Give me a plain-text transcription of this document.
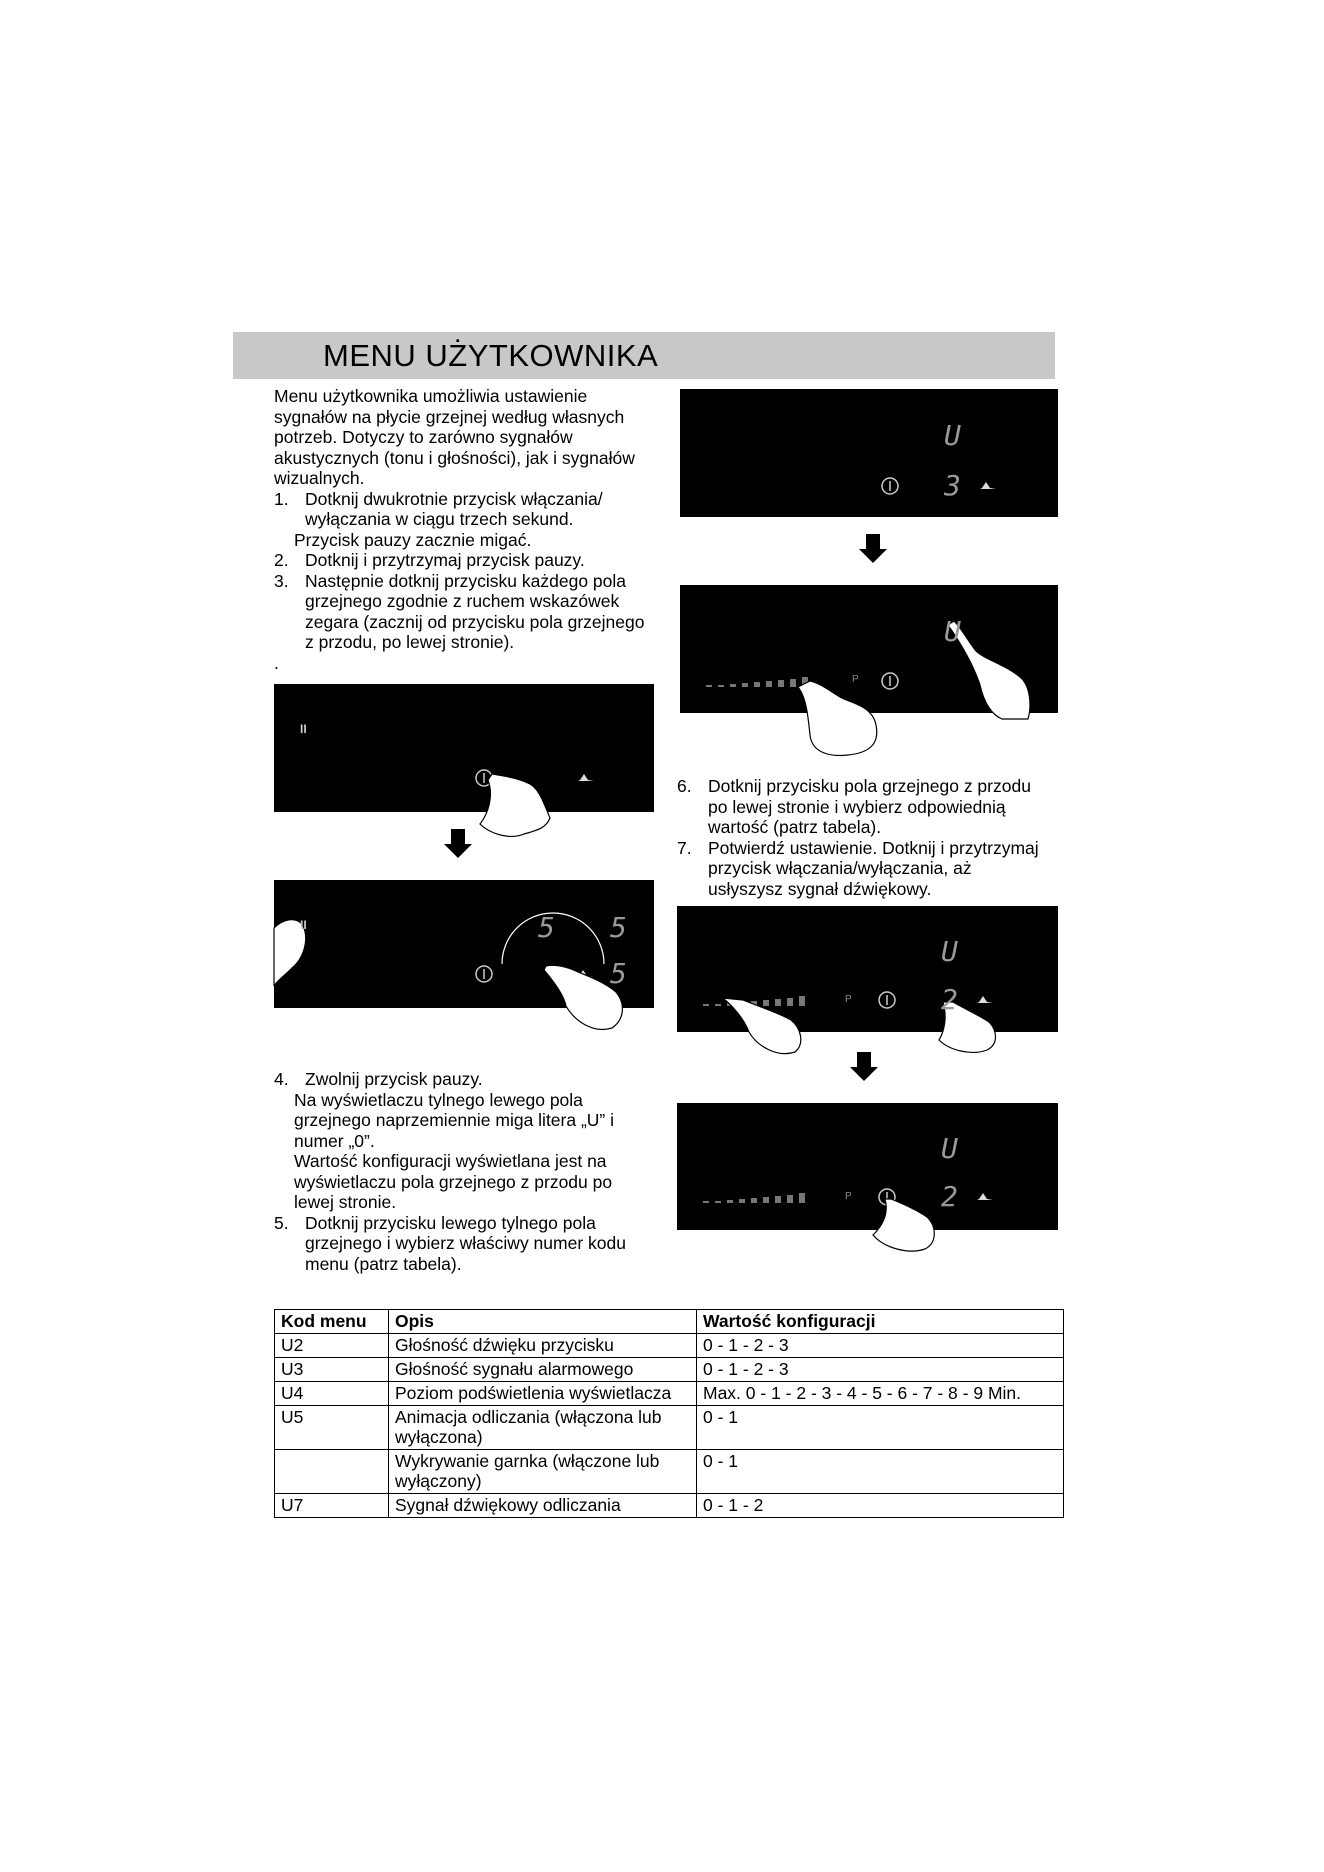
MENU UŻYTKOWNIKA

Menu użytkownika umożliwia ustawienie

sygnałów na płycie grzejnej według własnych

potrzeb. Dotyczy to zarówno sygnałów

akustycznych (tonu i głośności), jak i sygnałów

wizualnych.

1. Dotknij dwukrotnie przycisk włączania/

wyłączania w ciągu trzech sekund.

Przycisk pauzy zacznie migać.

2. Dotknij i przytrzymaj przycisk pauzy.

3. Następnie dotknij przycisku każdego pola

grzejnego zgodnie z ruchem wskazówek

zegara (zacznij od przycisku pola grzejnego

z przodu, po lewej stronie).

.

U
3
U
P
II
II	5 5
5
6. Dotknij przycisku pola grzejnego z przodu

po lewej stronie i wybierz odpowiednią

wartość (patrz tabela).

7. Potwierdź ustawienie. Dotknij i przytrzymaj

przycisk włączania/wyłączania, aż

usłyszysz sygnał dźwiękowy.

U
2
P
U
2
P
4. Zwolnij przycisk pauzy.

Na wyświetlaczu tylnego lewego pola

grzejnego naprzemiennie miga litera „U” i

numer „0”.

Wartość konfiguracji wyświetlana jest na

wyświetlaczu pola grzejnego z przodu po

lewej stronie.

5. Dotknij przycisku lewego tylnego pola

grzejnego i wybierz właściwy numer kodu

menu (patrz tabela).

Kod menu	Opis	Wartość konfiguracji
U2	Głośność dźwięku przycisku	0 - 1 - 2 - 3
U3	Głośność sygnału alarmowego	0 - 1 - 2 - 3
U4	Poziom podświetlenia wyświetlacza	Max. 0 - 1 - 2 - 3 - 4 - 5 - 6 - 7 - 8 - 9 Min.
U5	Animacja odliczania (włączona lub wyłączona)	0 - 1
	Wykrywanie garnka (włączone lub wyłączony)	0 - 1
U7	Sygnał dźwiękowy odliczania	0 - 1 - 2
